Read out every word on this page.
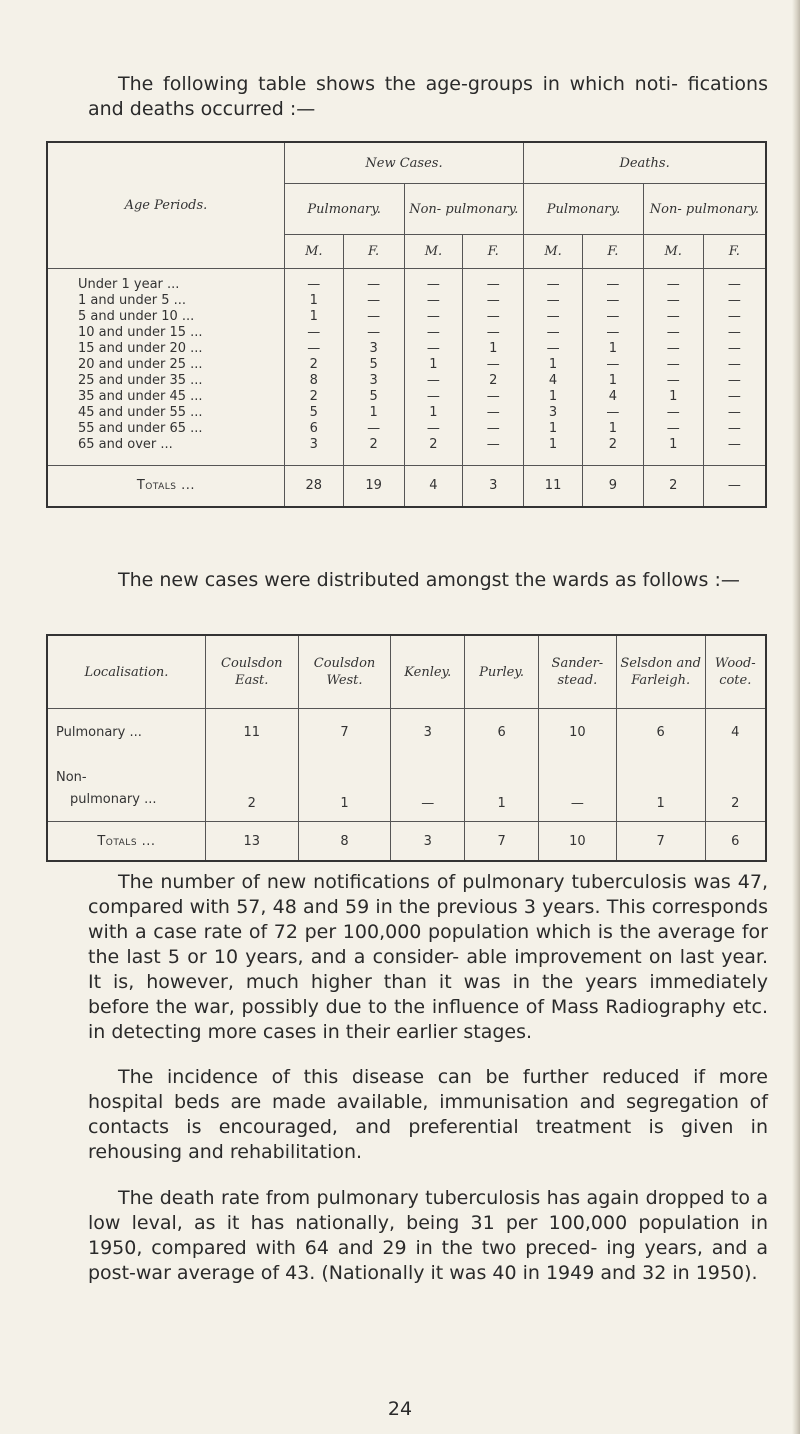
The following table shows the age-groups in which noti- fications and deaths occurred :—

Age Periods.	New Cases.				Deaths.			
	Pulmonary.		Non- pulmonary.		Pulmonary.		Non- pulmonary.	
	M.	F.	M.	F.	M.	F.	M.	F.

Under 1 year ...	—	—	—	—	—	—	—	—
1 and under 5 ...	1	—	—	—	—	—	—	—
5 and under 10 ...	1	—	—	—	—	—	—	—
10 and under 15 ...	—	—	—	—	—	—	—	—
15 and under 20 ...	—	3	—	1	—	1	—	—
20 and under 25 ...	2	5	1	—	1	—	—	—
25 and under 35 ...	8	3	—	2	4	1	—	—
35 and under 45 ...	2	5	—	—	1	4	1	—
45 and under 55 ...	5	1	1	—	3	—	—	—
55 and under 65 ...	6	—	—	—	1	1	—	—
65 and over ...	3	2	2	—	1	2	1	—
Totals ...	28	19	4	3	11	9	2	—

The new cases were distributed amongst the wards as follows :—

Localisation.	Coulsdon East.	Coulsdon West.	Kenley.	Purley.	Sander- stead.	Selsdon and Farleigh.	Wood- cote.
Pulmonary ...	11	7	3	6	10	6	4
Non-
pulmonary ...	2	1	—	1	—	1	2
Totals ...	13	8	3	7	10	7	6

The number of new notifications of pulmonary tuberculosis was 47, compared with 57, 48 and 59 in the previous 3 years. This corresponds with a case rate of 72 per 100,000 population which is the average for the last 5 or 10 years, and a consider- able improvement on last year. It is, however, much higher than it was in the years immediately before the war, possibly due to the influence of Mass Radiography etc. in detecting more cases in their earlier stages.

The incidence of this disease can be further reduced if more hospital beds are made available, immunisation and segregation of contacts is encouraged, and preferential treatment is given in rehousing and rehabilitation.

The death rate from pulmonary tuberculosis has again dropped to a low leval, as it has nationally, being 31 per 100,000 population in 1950, compared with 64 and 29 in the two preced- ing years, and a post-war average of 43. (Nationally it was 40 in 1949 and 32 in 1950).

24
